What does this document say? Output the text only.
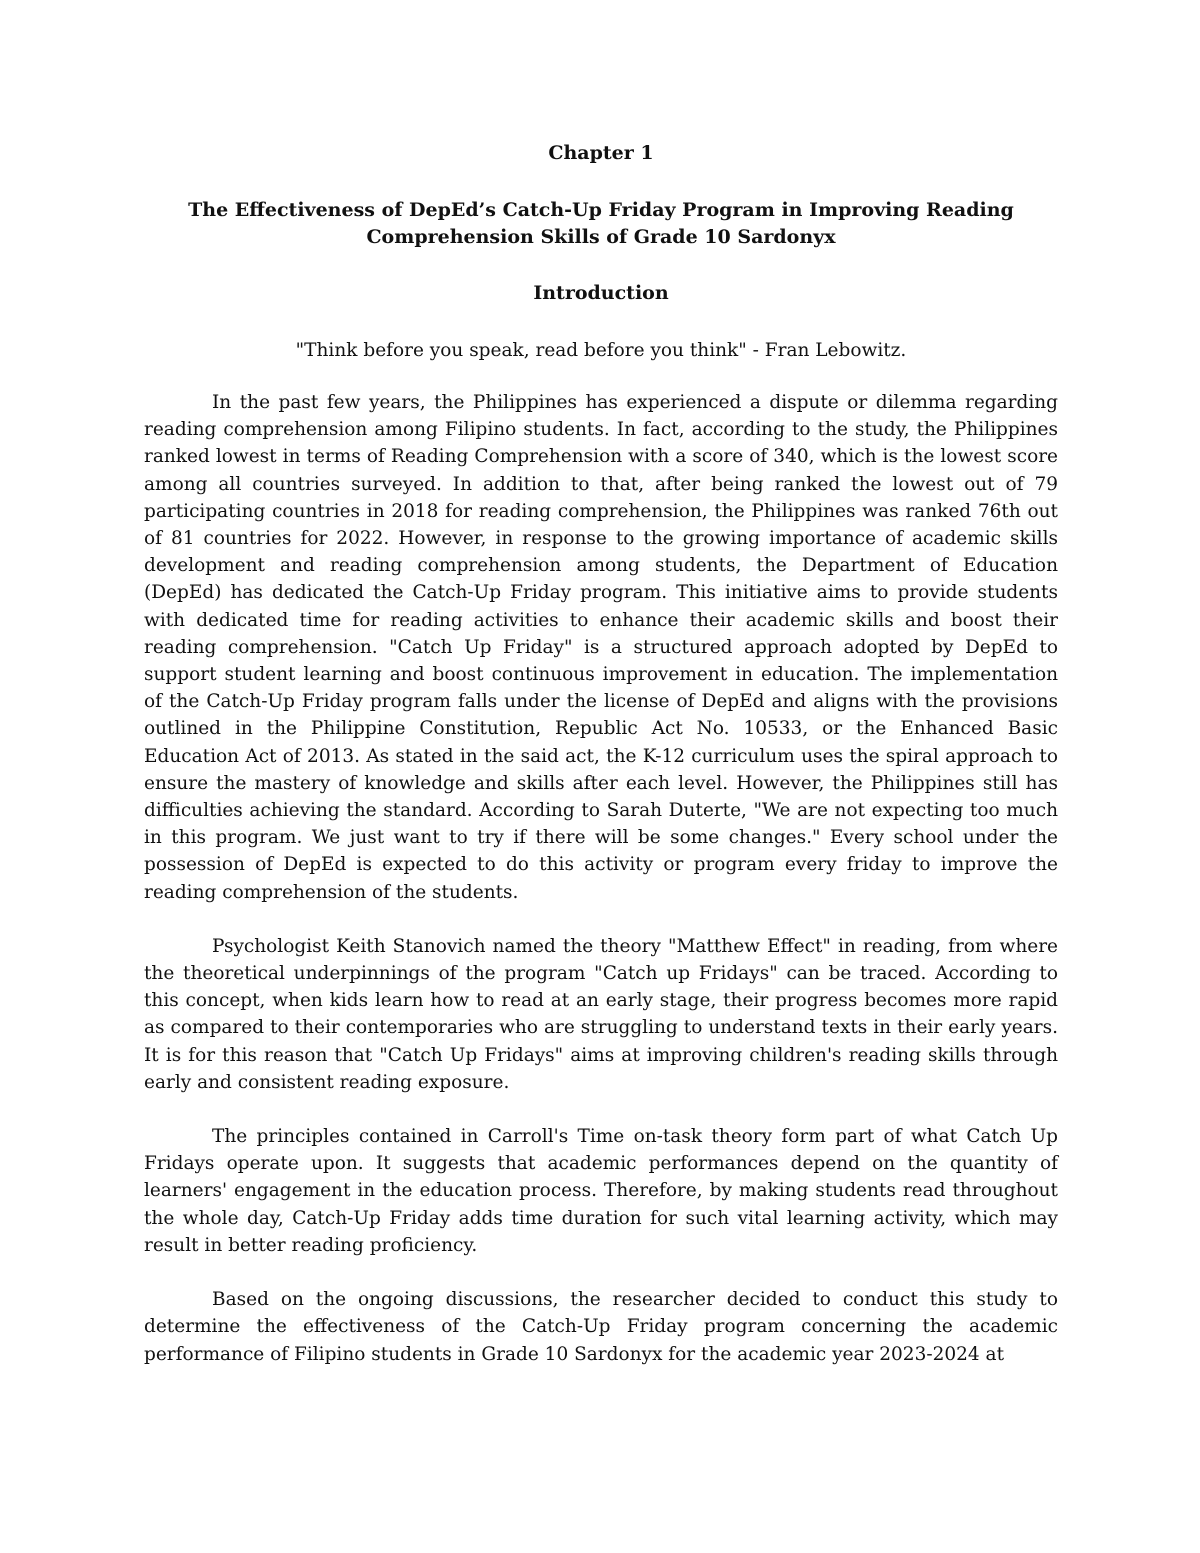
Chapter 1
The Effectiveness of DepEd’s Catch-Up Friday Program in Improving Reading Comprehension Skills of Grade 10 Sardonyx
Introduction
"Think before you speak, read before you think" - Fran Lebowitz.

In the past few years, the Philippines has experienced a dispute or dilemma regarding reading comprehension among Filipino students. In fact, according to the study, the Philippines ranked lowest in terms of Reading Comprehension with a score of 340, which is the lowest score among all countries surveyed. In addition to that, after being ranked the lowest out of 79 participating countries in 2018 for reading comprehension, the Philippines was ranked 76th out of 81 countries for 2022. However, in response to the growing importance of academic skills development and reading comprehension among students, the Department of Education (DepEd) has dedicated the Catch-Up Friday program. This initiative aims to provide students with dedicated time for reading activities to enhance their academic skills and boost their reading comprehension. "Catch Up Friday" is a structured approach adopted by DepEd to support student learning and boost continuous improvement in education. The implementation of the Catch-Up Friday program falls under the license of DepEd and aligns with the provisions outlined in the Philippine Constitution, Republic Act No. 10533, or the Enhanced Basic Education Act of 2013. As stated in the said act, the K-12 curriculum uses the spiral approach to ensure the mastery of knowledge and skills after each level. However, the Philippines still has difficulties achieving the standard. According to Sarah Duterte, "We are not expecting too much in this program. We just want to try if there will be some changes." Every school under the possession of DepEd is expected to do this activity or program every friday to improve the reading comprehension of the students.

Psychologist Keith Stanovich named the theory "Matthew Effect" in reading, from where the theoretical underpinnings of the program "Catch up Fridays" can be traced. According to this concept, when kids learn how to read at an early stage, their progress becomes more rapid as compared to their contemporaries who are struggling to understand texts in their early years. It is for this reason that "Catch Up Fridays" aims at improving children's reading skills through early and consistent reading exposure.

The principles contained in Carroll's Time on-task theory form part of what Catch Up Fridays operate upon. It suggests that academic performances depend on the quantity of learners' engagement in the education process. Therefore, by making students read throughout the whole day, Catch-Up Friday adds time duration for such vital learning activity, which may result in better reading proficiency.

Based on the ongoing discussions, the researcher decided to conduct this study to determine the effectiveness of the Catch-Up Friday program concerning the academic performance of Filipino students in Grade 10 Sardonyx for the academic year 2023-2024 at
